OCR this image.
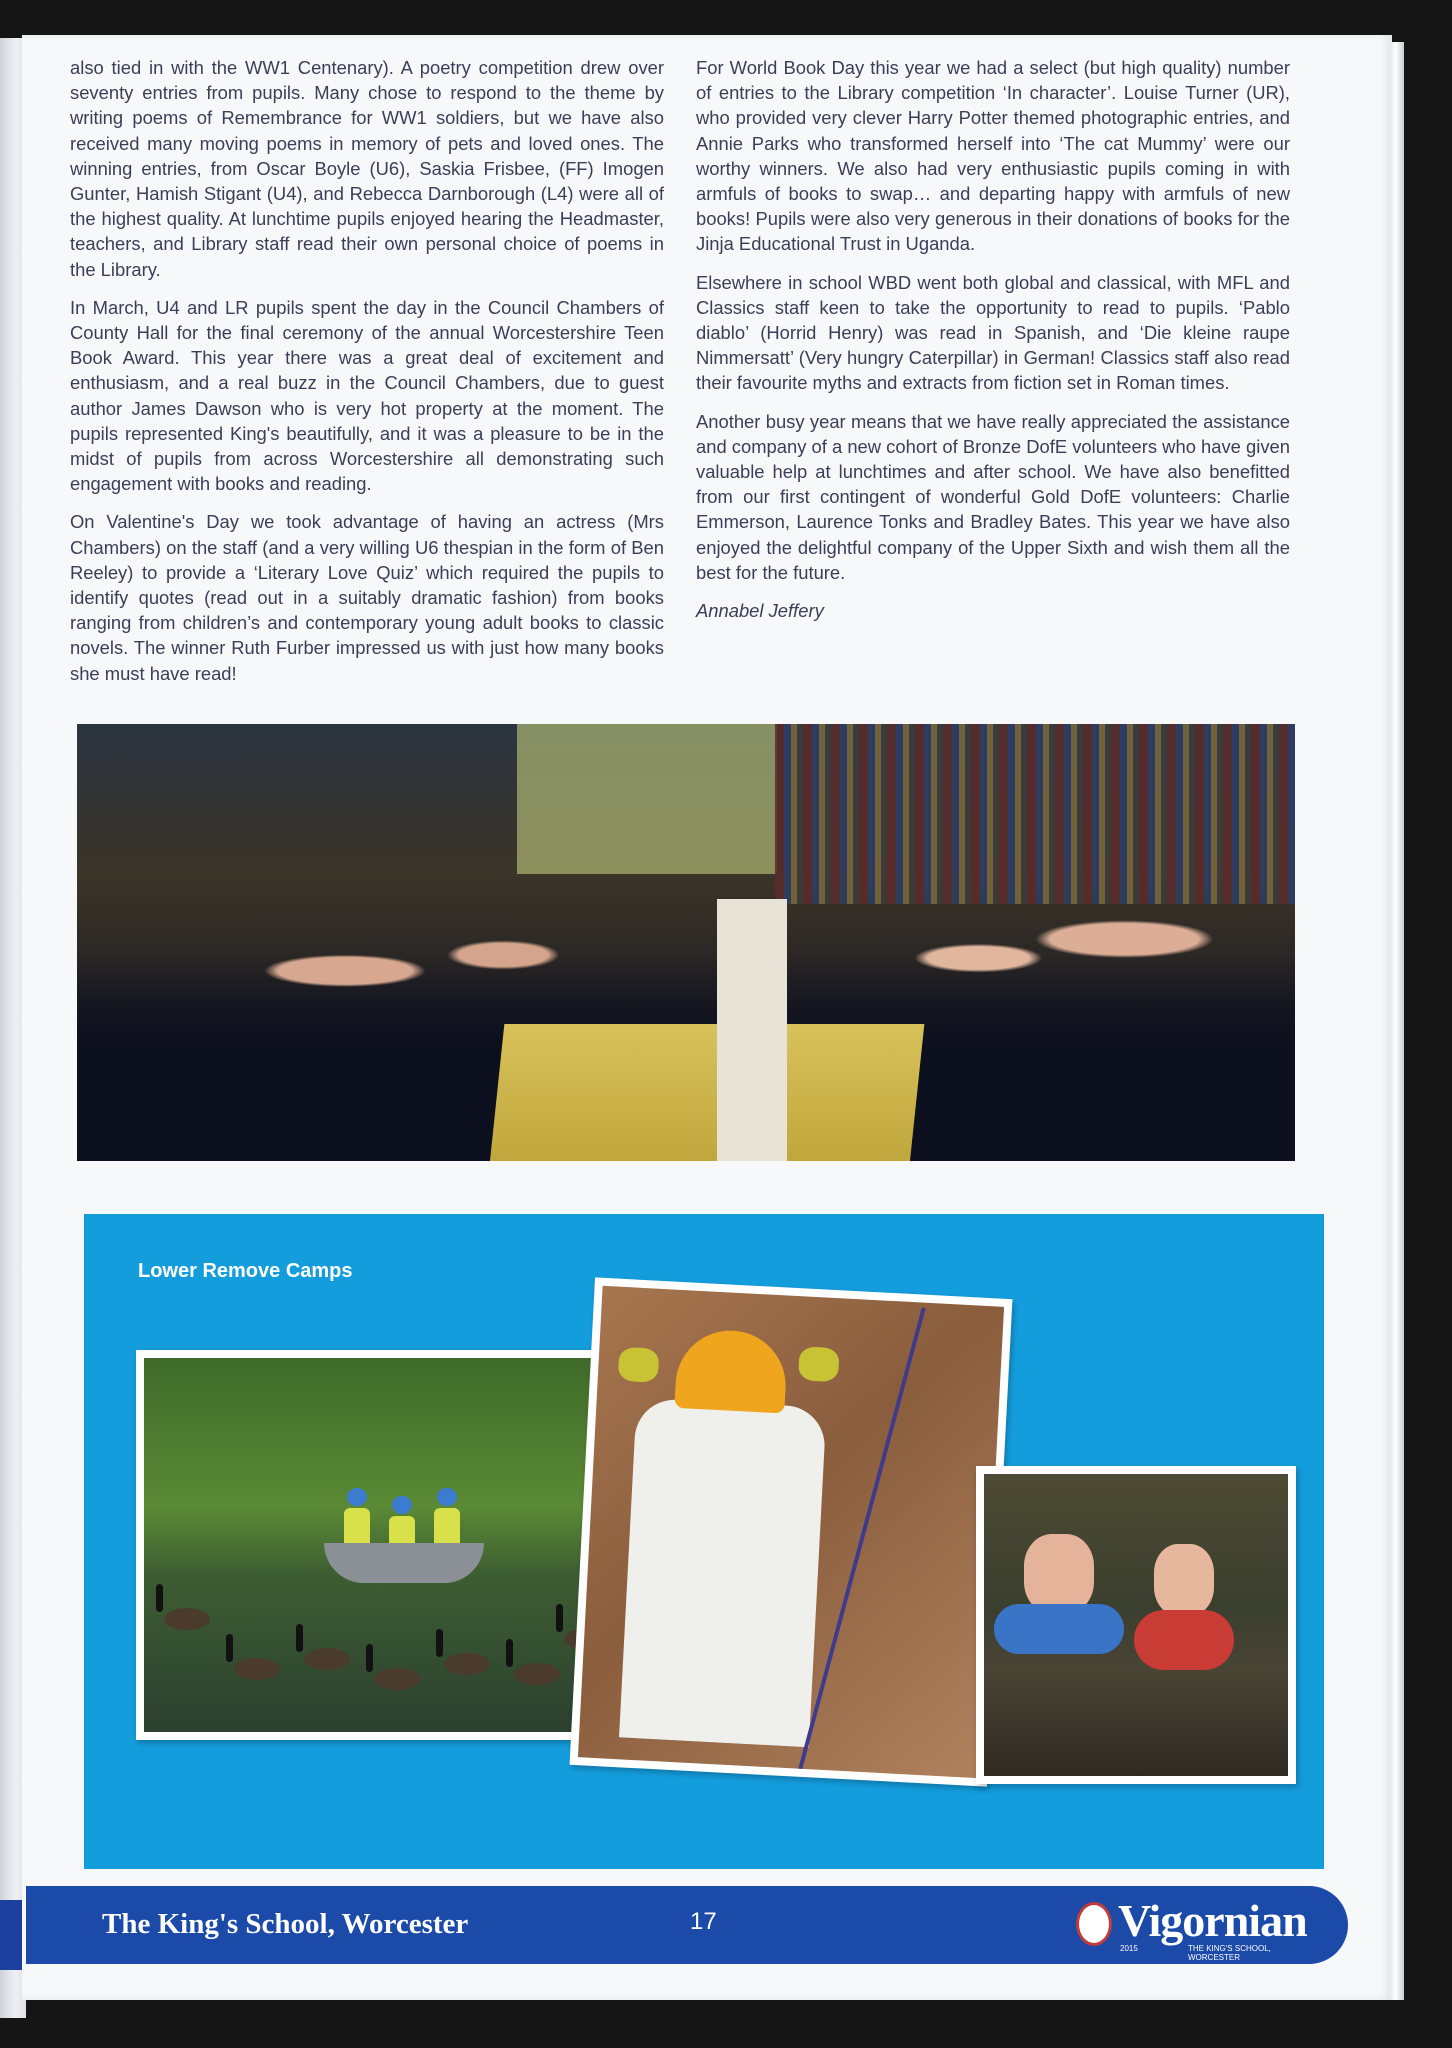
also tied in with the WW1 Centenary). A poetry competition drew over seventy entries from pupils. Many chose to respond to the theme by writing poems of Remembrance for WW1 soldiers, but we have also received many moving poems in memory of pets and loved ones. The winning entries, from Oscar Boyle (U6), Saskia Frisbee, (FF) Imogen Gunter, Hamish Stigant (U4), and Rebecca Darnborough (L4) were all of the highest quality. At lunchtime pupils enjoyed hearing the Headmaster, teachers, and Library staff read their own personal choice of poems in the Library.

In March, U4 and LR pupils spent the day in the Council Chambers of County Hall for the final ceremony of the annual Worcestershire Teen Book Award. This year there was a great deal of excitement and enthusiasm, and a real buzz in the Council Chambers, due to guest author James Dawson who is very hot property at the moment. The pupils represented King's beautifully, and it was a pleasure to be in the midst of pupils from across Worcestershire all demonstrating such engagement with books and reading.

On Valentine's Day we took advantage of having an actress (Mrs Chambers) on the staff (and a very willing U6 thespian in the form of Ben Reeley) to provide a ‘Literary Love Quiz’ which required the pupils to identify quotes (read out in a suitably dramatic fashion) from books ranging from children’s and contemporary young adult books to classic novels. The winner Ruth Furber impressed us with just how many books she must have read!

For World Book Day this year we had a select (but high quality) number of entries to the Library competition ‘In character’. Louise Turner (UR), who provided very clever Harry Potter themed photographic entries, and Annie Parks who transformed herself into ‘The cat Mummy’ were our worthy winners. We also had very enthusiastic pupils coming in with armfuls of books to swap… and departing happy with armfuls of new books! Pupils were also very generous in their donations of books for the Jinja Educational Trust in Uganda.

Elsewhere in school WBD went both global and classical, with MFL and Classics staff keen to take the opportunity to read to pupils. ‘Pablo diablo’ (Horrid Henry) was read in Spanish, and ‘Die kleine raupe Nimmersatt’ (Very hungry Caterpillar) in German! Classics staff also read their favourite myths and extracts from fiction set in Roman times.

Another busy year means that we have really appreciated the assistance and company of a new cohort of Bronze DofE volunteers who have given valuable help at lunchtimes and after school. We have also benefitted from our first contingent of wonderful Gold DofE volunteers: Charlie Emmerson, Laurence Tonks and Bradley Bates. This year we have also enjoyed the delightful company of the Upper Sixth and wish them all the best for the future.

Annabel Jeffery

Lower Remove Camps
The King's School, Worcester	17	Vigornian
2015	THE KING'S SCHOOL, WORCESTER
